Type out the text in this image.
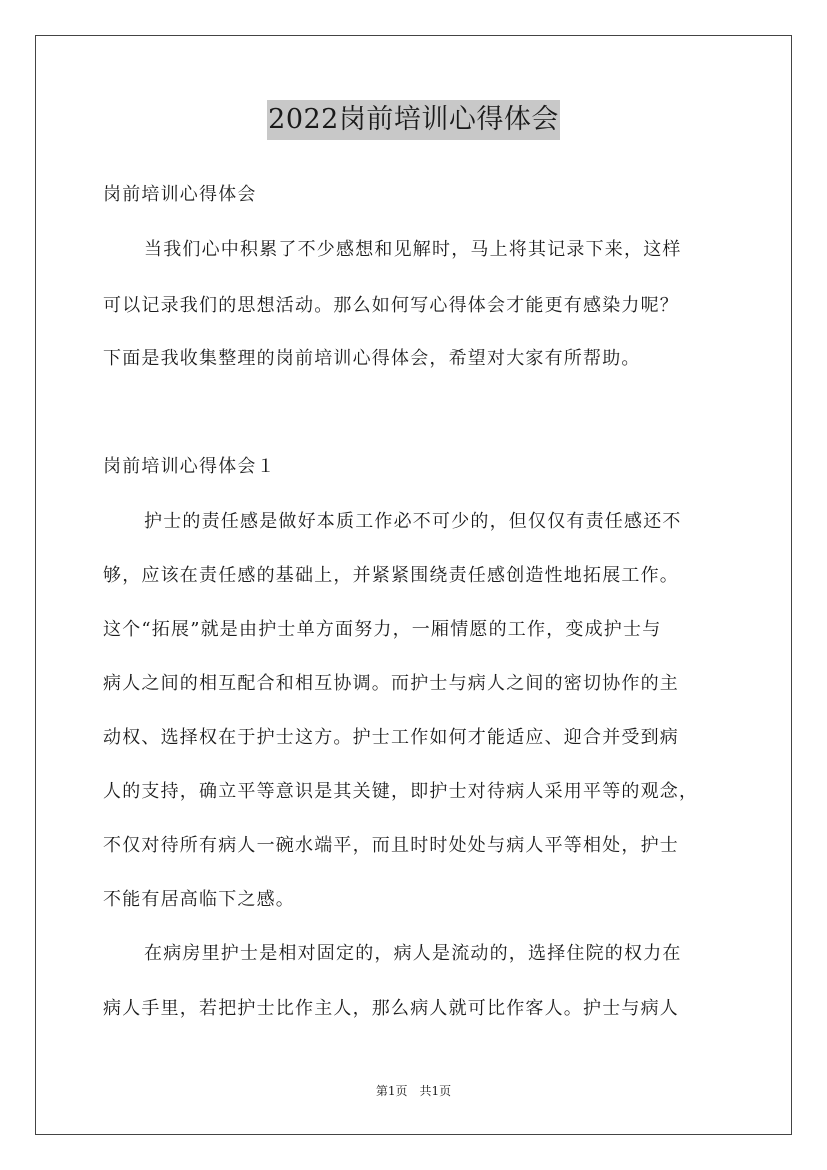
2022岗前培训心得体会
岗前培训心得体会
当我们心中积累了不少感想和见解时，马上将其记录下来，这样
可以记录我们的思想活动。那么如何写心得体会才能更有感染力呢？
下面是我收集整理的岗前培训心得体会，希望对大家有所帮助。
岗前培训心得体会１
护士的责任感是做好本质工作必不可少的，但仅仅有责任感还不
够，应该在责任感的基础上，并紧紧围绕责任感创造性地拓展工作。
这个“拓展”就是由护士单方面努力，一厢情愿的工作，变成护士与
病人之间的相互配合和相互协调。而护士与病人之间的密切协作的主
动权、选择权在于护士这方。护士工作如何才能适应、迎合并受到病
人的支持，确立平等意识是其关键，即护士对待病人采用平等的观念，
不仅对待所有病人一碗水端平，而且时时处处与病人平等相处，护士
不能有居高临下之感。
在病房里护士是相对固定的，病人是流动的，选择住院的权力在
病人手里，若把护士比作主人，那么病人就可比作客人。护士与病人
第1页　共1页
